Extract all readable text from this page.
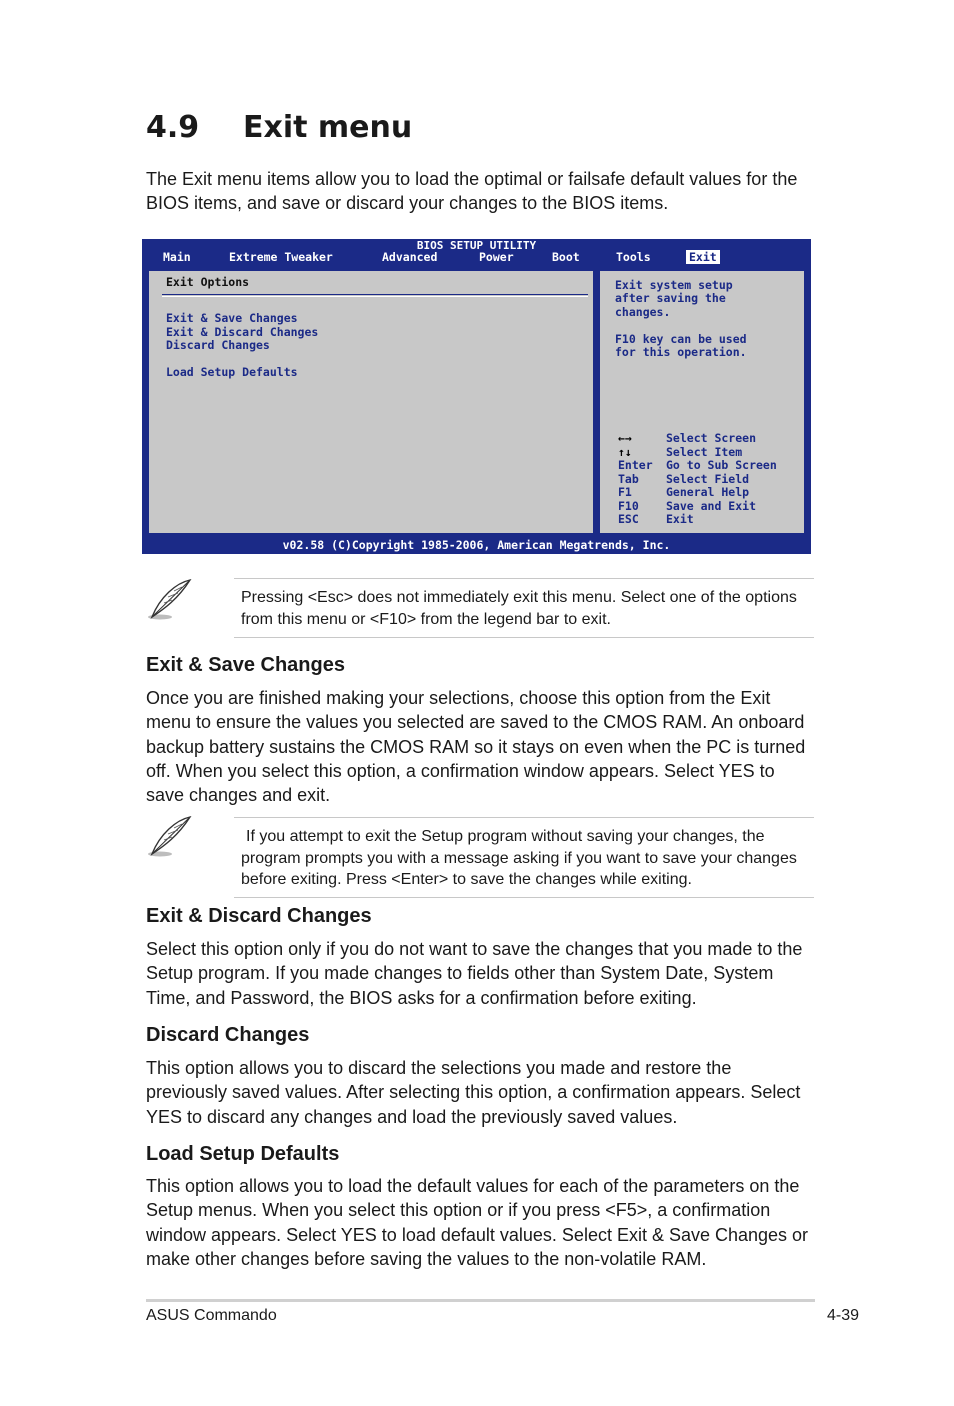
4.9 Exit menu
The Exit menu items allow you to load the optimal or failsafe default values for the BIOS items, and save or discard your changes to the BIOS items.
BIOS SETUP UTILITY
Main	Extreme Tweaker	Advanced	Power	Boot	Tools	Exit
Exit Options
Exit & Save Changes
Exit & Discard Changes
Discard Changes
Load Setup Defaults
Exit system setup
after saving the
changes.
F10 key can be used
for this operation.
←→	Select Screen
↑↓	Select Item
Enter Go to Sub Screen
Tab Select Field
F1	General Help
F10 Save and Exit
ESC Exit
v02.58 (C)Copyright 1985-2006, American Megatrends, Inc.
Pressing <Esc> does not immediately exit this menu. Select one of the options from this menu or <F10> from the legend bar to exit.
Exit & Save Changes
Once you are finished making your selections, choose this option from the Exit menu to ensure the values you selected are saved to the CMOS RAM. An onboard backup battery sustains the CMOS RAM so it stays on even when the PC is turned off. When you select this option, a confirmation window appears. Select YES to save changes and exit.
If you attempt to exit the Setup program without saving your changes, the program prompts you with a message asking if you want to save your changes before exiting. Press <Enter> to save the changes while exiting.
Exit & Discard Changes
Select this option only if you do not want to save the changes that you made to the Setup program. If you made changes to fields other than System Date, System Time, and Password, the BIOS asks for a confirmation before exiting.
Discard Changes
This option allows you to discard the selections you made and restore the previously saved values. After selecting this option, a confirmation appears. Select YES to discard any changes and load the previously saved values.
Load Setup Defaults
This option allows you to load the default values for each of the parameters on the Setup menus. When you select this option or if you press <F5>, a confirmation window appears. Select YES to load default values. Select Exit & Save Changes or make other changes before saving the values to the non-volatile RAM.
ASUS Commando	4-39
